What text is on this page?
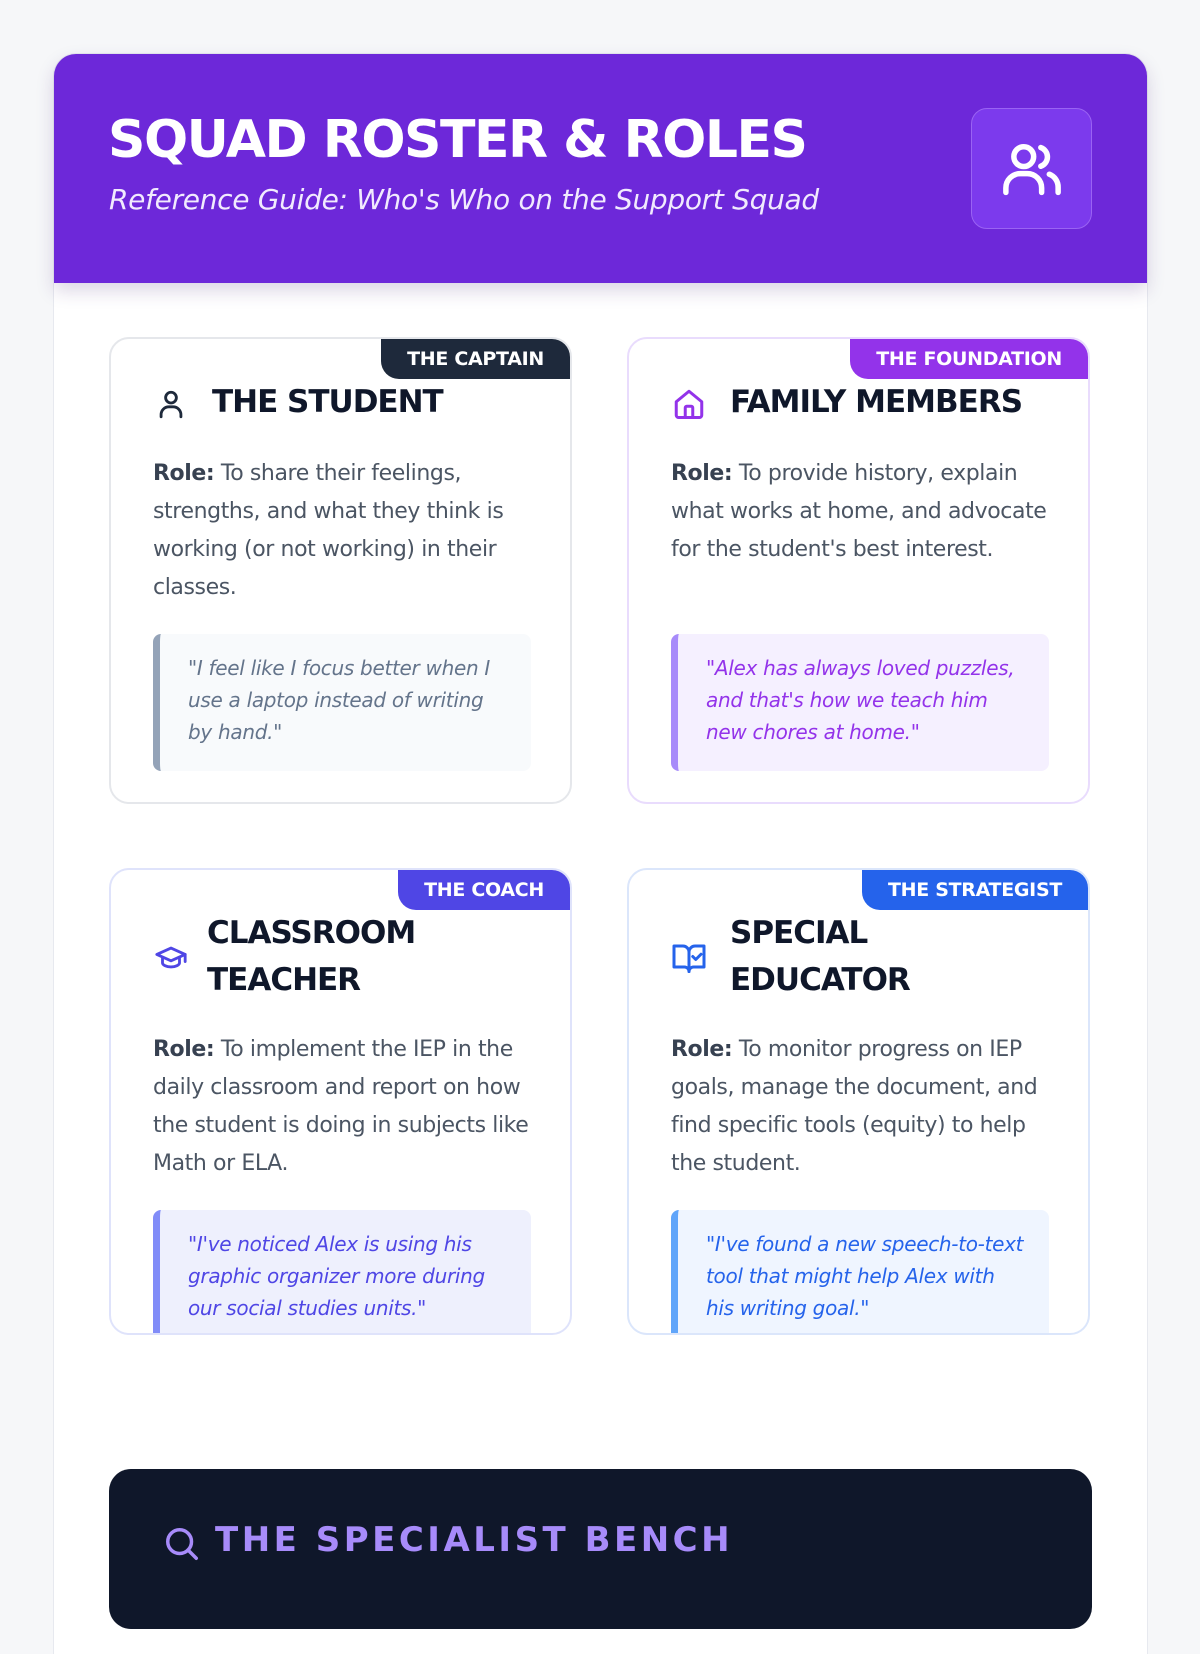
SQUAD ROSTER & ROLES

Reference Guide: Who's Who on the Support Squad

THE CAPTAIN
THE STUDENT

Role: To share their feelings, strengths, and what they think is working (or not working) in their classes.

"I feel like I focus better when I use a laptop instead of writing by hand."
THE FOUNDATION
FAMILY MEMBERS

Role: To provide history, explain what works at home, and advocate for the student's best interest.

"Alex has always loved puzzles, and that's how we teach him new chores at home."
THE COACH
CLASSROOM TEACHER

Role: To implement the IEP in the daily classroom and report on how the student is doing in subjects like Math or ELA.

"I've noticed Alex is using his graphic organizer more during our social studies units."
THE STRATEGIST
SPECIAL EDUCATOR

Role: To monitor progress on IEP goals, manage the document, and find specific tools (equity) to help the student.

"I've found a new speech-to-text tool that might help Alex with his writing goal."
THE SPECIALIST BENCH
